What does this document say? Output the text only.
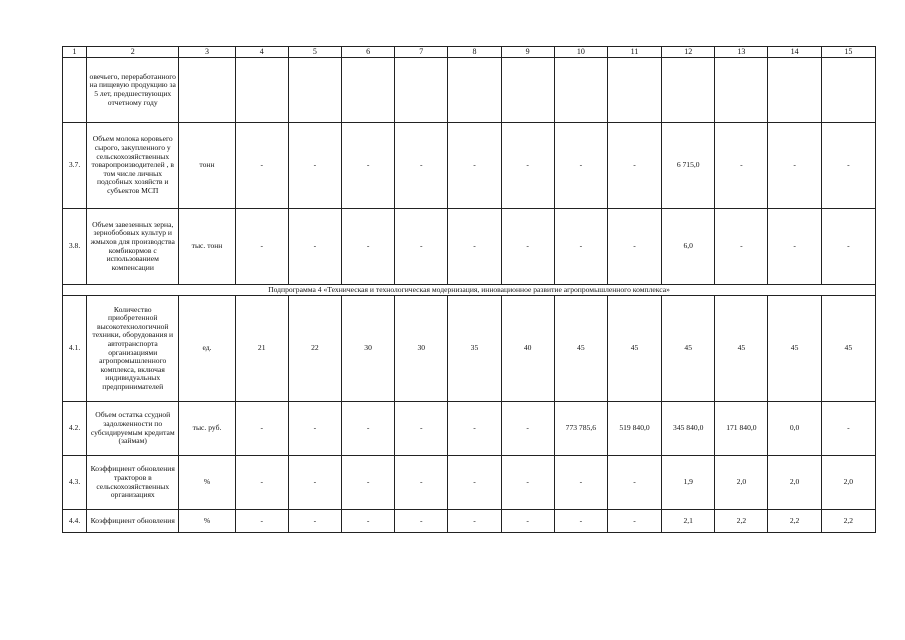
1	2	3	4	5	6	7	8	9	10	11	12	13	14	15
	овечьего, переработанного на пищевую продукцию за 5 лет, предшествующих отчетному году													
3.7.	Объем молока коровьего сырого, закупленного у сельскохозяйственных товаропроизводителей , в том числе личных подсобных хозяйств и субъектов МСП	тонн	-	-	-	-	-	-	-	-	6 715,0	-	-	-
3.8.	Объем завезенных зерна, зернобобовых культур и жмыхов для производства комбикормов с использованием компенсации	тыс. тонн	-	-	-	-	-	-	-	-	6,0	-	-	-
Подпрограмма 4 «Техническая и технологическая модернизация, инновационное развитие агропромышленного комплекса»														
4.1.	Количество приобретенной высокотехнологичной техники, оборудования и автотранспорта организациями агропромышленного комплекса, включая индивидуальных предпринимателей	ед.	21	22	30	30	35	40	45	45	45	45	45	45
4.2.	Объем остатка ссудной задолженности по субсидируемым кредитам (займам)	тыс. руб.	-	-	-	-	-	-	773 785,6	519 840,0	345 840,0	171 840,0	0,0	-
4.3.	Коэффициент обновления тракторов в сельскохозяйственных организациях	%	-	-	-	-	-	-	-	-	1,9	2,0	2,0	2,0
4.4.	Коэффициент обновления	%	-	-	-	-	-	-	-	-	2,1	2,2	2,2	2,2
